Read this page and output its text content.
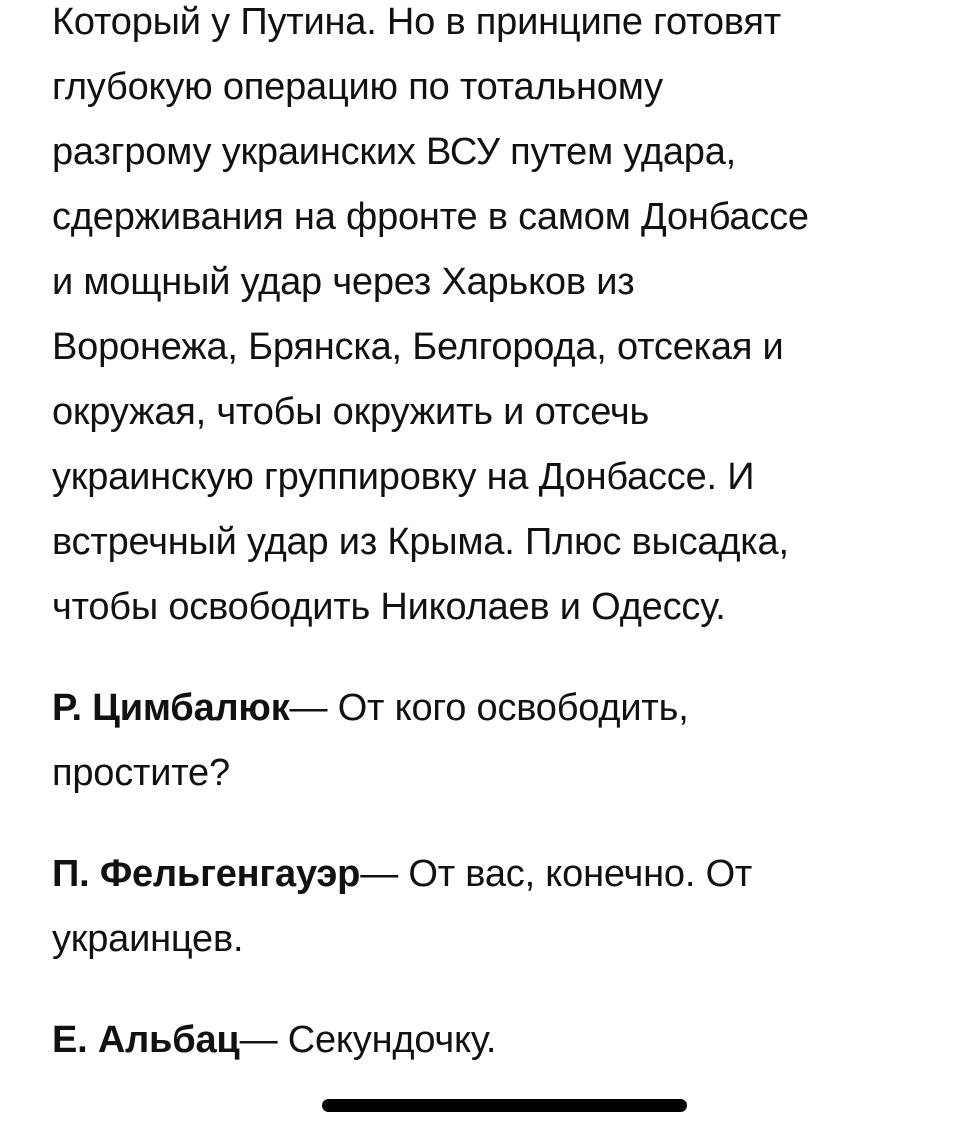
Который у Путина. Но в принципе готовят
глубокую операцию по тотальному
разгрому украинских ВСУ путем удара,
сдерживания на фронте в самом Донбассе
и мощный удар через Харьков из
Воронежа, Брянска, Белгорода, отсекая и
окружая, чтобы окружить и отсечь
украинскую группировку на Донбассе. И
встречный удар из Крыма. Плюс высадка,
чтобы освободить Николаев и Одессу.
Р. Цимбалюк— От кого освободить,
простите?
П. Фельгенгауэр— От вас, конечно. От
украинцев.
Е. Альбац— Секундочку.
